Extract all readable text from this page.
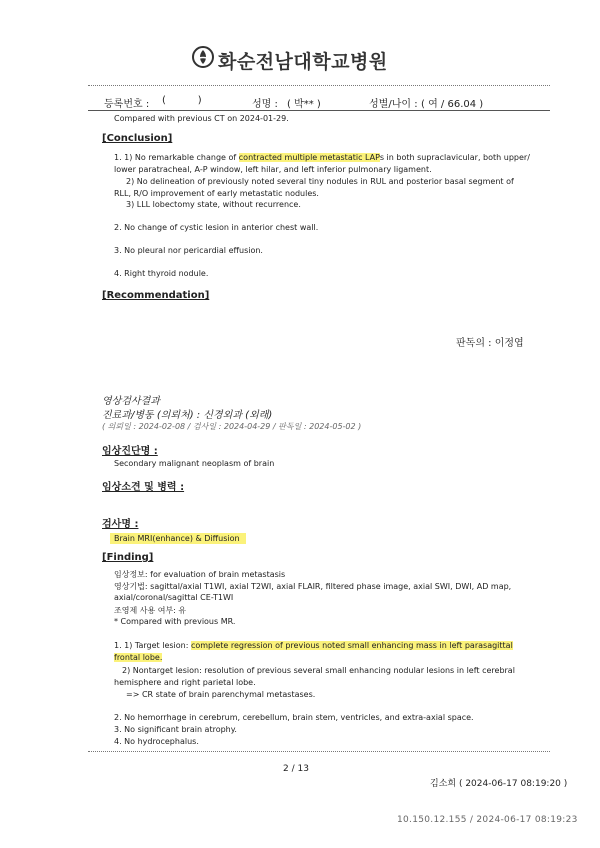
화순전남대학교병원
등록번호 : (          )	성명 : ( 박** )	성별/나이 : ( 여 / 66.04 )
Compared with previous CT on 2024-01-29.
[Conclusion]
1. 1) No remarkable change of contracted multiple metastatic LAPs in both supraclavicular, both upper/
lower paratracheal, A-P window, left hilar, and left inferior pulmonary ligament.
2) No delineation of previously noted several tiny nodules in RUL and posterior basal segment of
RLL, R/O improvement of early metastatic nodules.
3) LLL lobectomy state, without recurrence.
2. No change of cystic lesion in anterior chest wall.
3. No pleural nor pericardial effusion.
4. Right thyroid nodule.
[Recommendation]
판독의 : 이정엽
영상검사결과
진료과/병동 (의뢰처) : 신경외과 (외래)
( 의뢰일 : 2024-02-08 / 검사일 : 2024-04-29 / 판독일 : 2024-05-02 )
임상진단명 :
Secondary malignant neoplasm of brain
임상소견 및 병력 :
검사명 :
Brain MRI(enhance) & Diffusion
[Finding]
임상정보: for evaluation of brain metastasis
영상기법: sagittal/axial T1WI, axial T2WI, axial FLAIR, filtered phase image, axial SWI, DWI, AD map,
axial/coronal/sagittal CE-T1WI
조영제 사용 여부: 유
* Compared with previous MR.
1. 1) Target lesion: complete regression of previous noted small enhancing mass in left parasagittal
frontal lobe.
2) Nontarget lesion: resolution of previous several small enhancing nodular lesions in left cerebral
hemisphere and right parietal lobe.
=> CR state of brain parenchymal metastases.
2. No hemorrhage in cerebrum, cerebellum, brain stem, ventricles, and extra-axial space.
3. No significant brain atrophy.
4. No hydrocephalus.
2 / 13
김소희 ( 2024-06-17 08:19:20 )
10.150.12.155 / 2024-06-17 08:19:23
